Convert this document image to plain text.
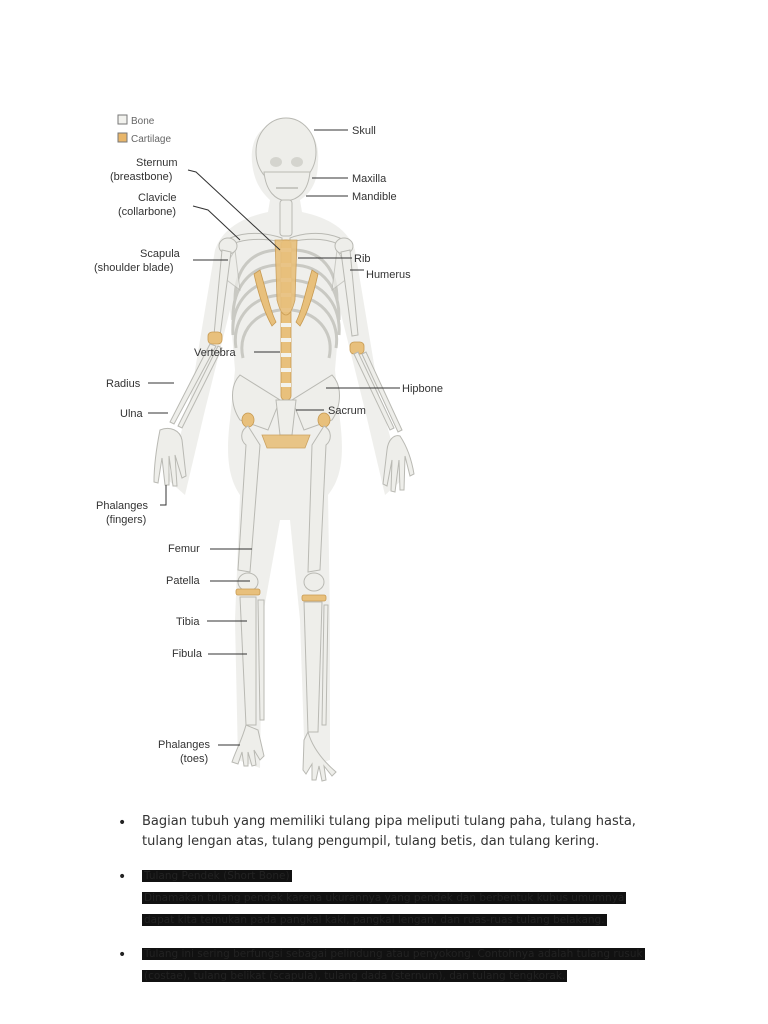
Bone
Cartilage
Sternum
(breastbone)
Clavicle
(collarbone)
Scapula
(shoulder blade)
Vertebra
Radius
Ulna
Phalanges
(fingers)
Femur
Patella
Tibia
Fibula
Phalanges
(toes)
Skull
Maxilla
Mandible
Rib
Humerus
Hipbone
Sacrum
• Bagian tubuh yang memiliki tulang pipa meliputi tulang paha, tulang hasta,
tulang lengan atas, tulang pengumpil, tulang betis, dan tulang kering.
• Tulang Pendek (Short Bone)
Dinamakan tulang pendek karena ukurannya yang pendek dan berbentuk kubus umumnya
dapat kita temukan pada pangkal kaki, pangkal lengan, dan ruas-ruas tulang belakang.
• Tulang ini sering berfungsi sebagai pelindung atau penyokong. Contohnya adalah tulang rusuk
(costae), tulang belikat (scapula), tulang dada (sternum), dan tulang tengkorak.
